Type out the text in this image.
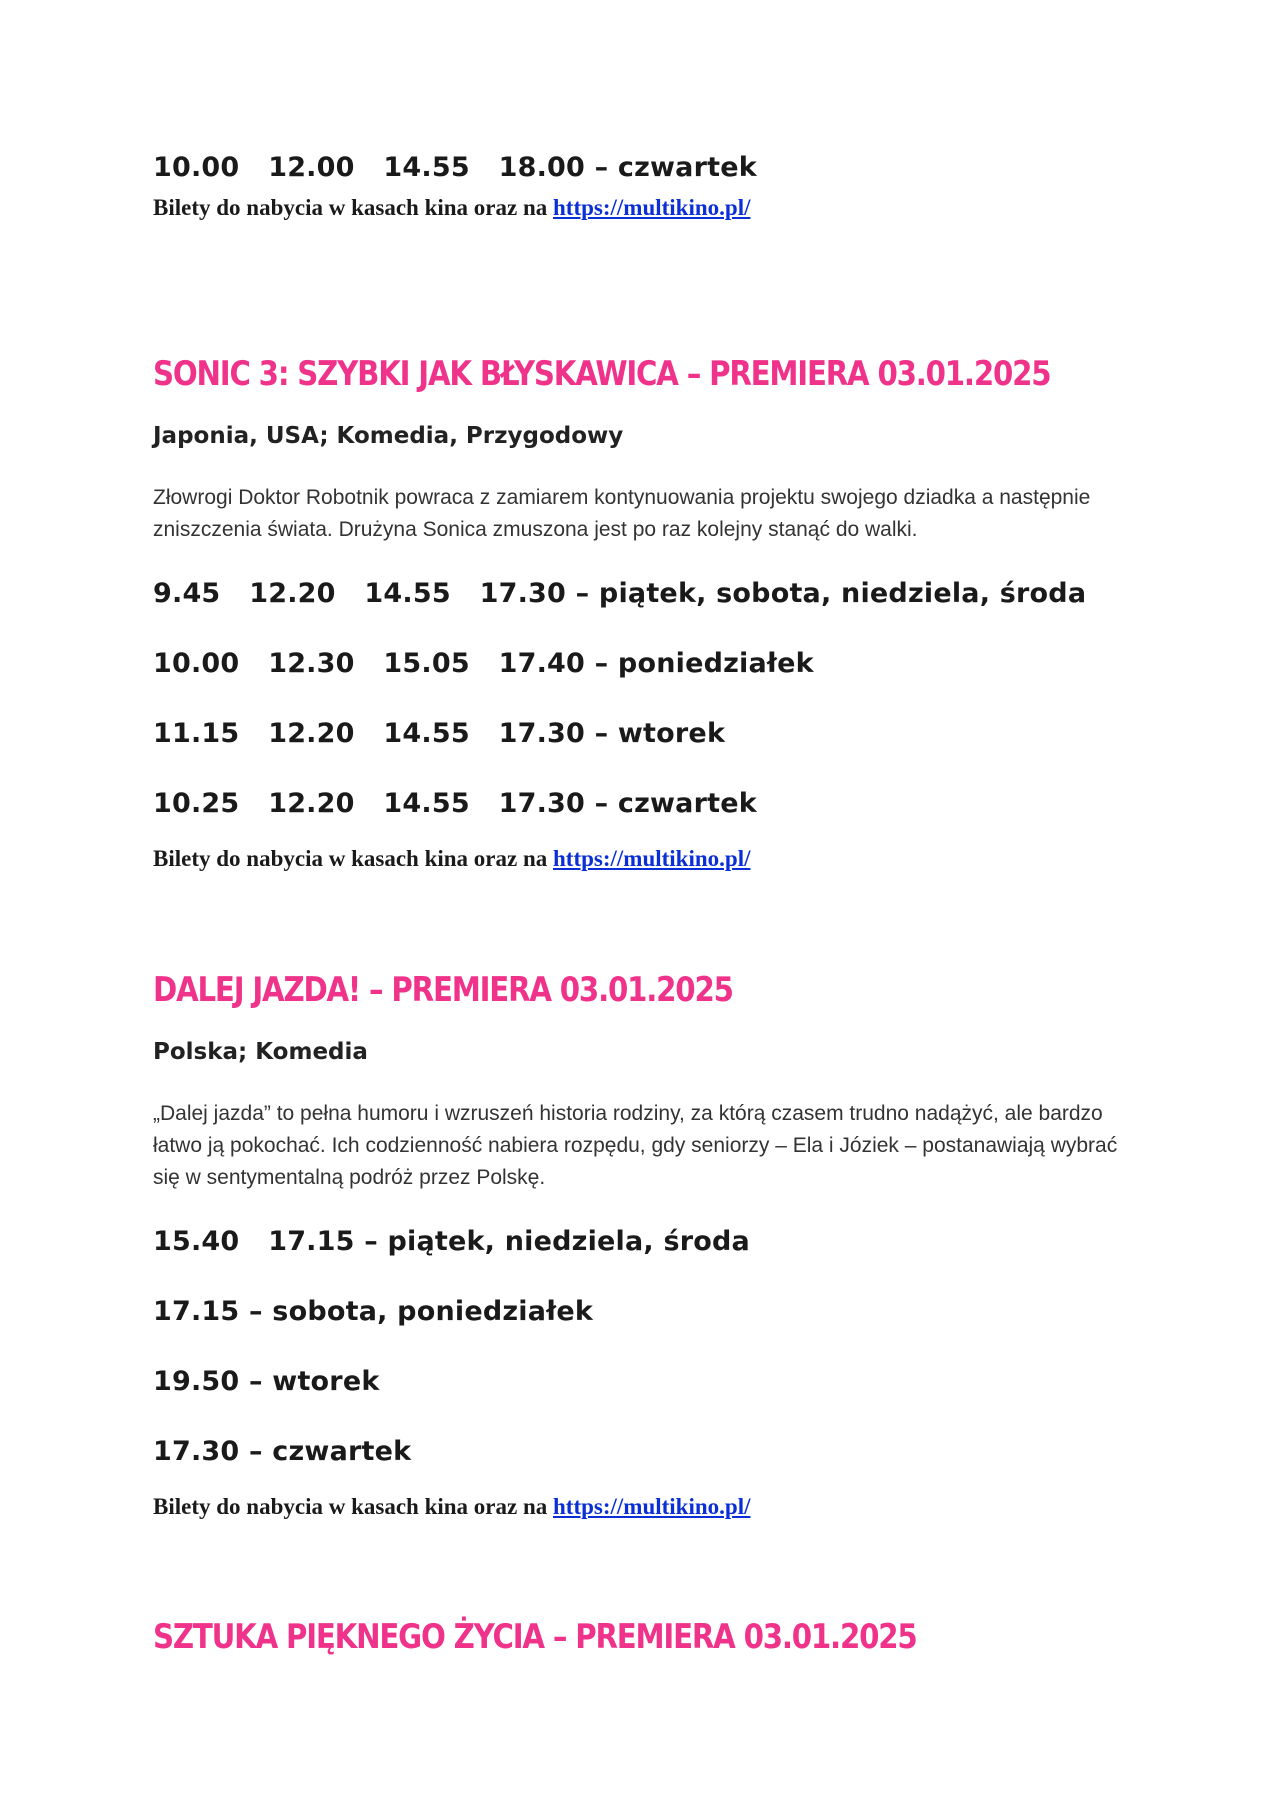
10.00   12.00   14.55   18.00 – czwartek

Bilety do nabycia w kasach kina oraz na https://multikino.pl/

SONIC 3: SZYBKI JAK BŁYSKAWICA – PREMIERA 03.01.2025

Japonia, USA; Komedia, Przygodowy

Złowrogi Doktor Robotnik powraca z zamiarem kontynuowania projektu swojego dziadka a następnie zniszczenia świata. Drużyna Sonica zmuszona jest po raz kolejny stanąć do walki.

9.45   12.20   14.55   17.30 – piątek, sobota, niedziela, środa

10.00   12.30   15.05   17.40 – poniedziałek

11.15   12.20   14.55   17.30 – wtorek

10.25   12.20   14.55   17.30 – czwartek

Bilety do nabycia w kasach kina oraz na https://multikino.pl/

DALEJ JAZDA! – PREMIERA 03.01.2025

Polska; Komedia

„Dalej jazda” to pełna humoru i wzruszeń historia rodziny, za którą czasem trudno nadążyć, ale bardzo łatwo ją pokochać. Ich codzienność nabiera rozpędu, gdy seniorzy – Ela i Józiek – postanawiają wybrać się w sentymentalną podróż przez Polskę.

15.40   17.15 – piątek, niedziela, środa

17.15 – sobota, poniedziałek

19.50 – wtorek

17.30 – czwartek

Bilety do nabycia w kasach kina oraz na https://multikino.pl/

SZTUKA PIĘKNEGO ŻYCIA – PREMIERA 03.01.2025
